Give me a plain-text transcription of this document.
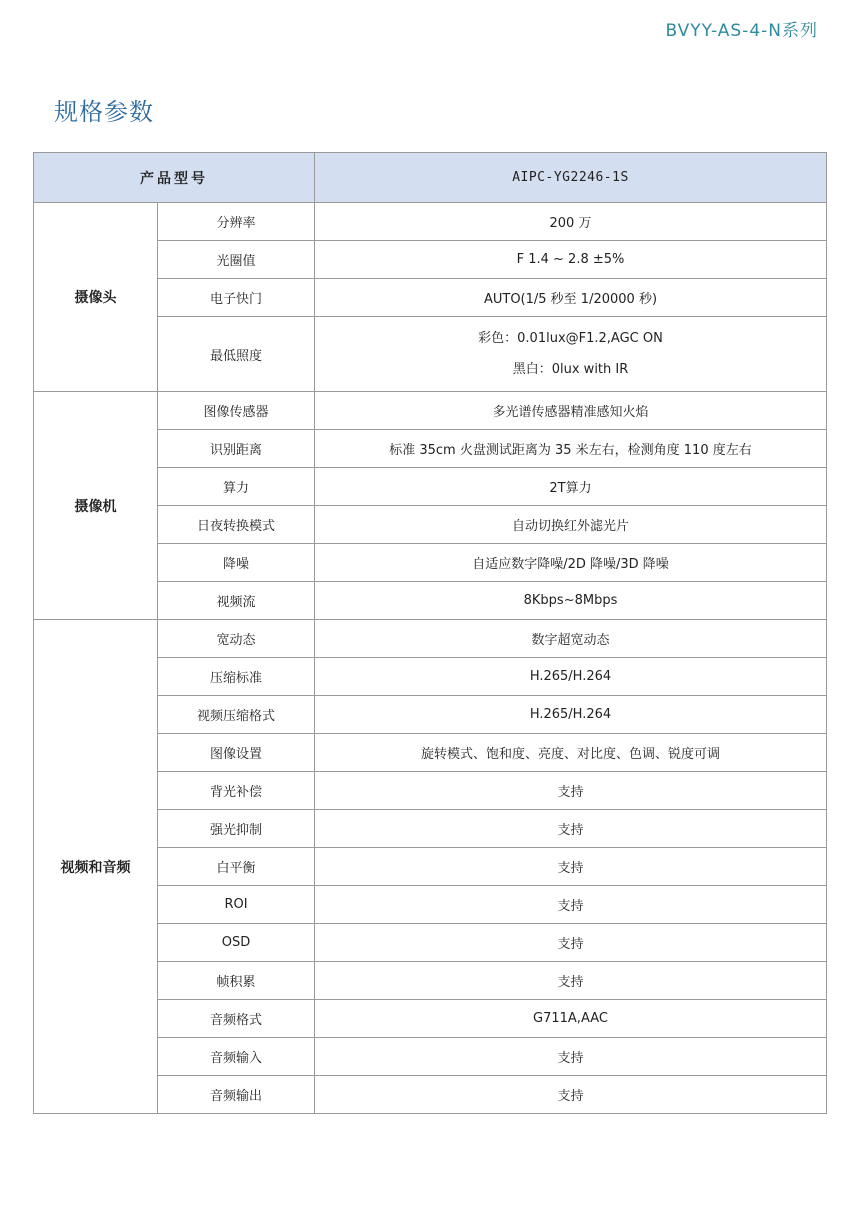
BVYY-AS-4-N系列
规格参数
产品型号		AIPC-YG2246-1S
摄像头	分辨率	200 万
	光圈值	F 1.4 ~ 2.8 ±5%
	电子快门	AUTO(1/5 秒至 1/20000 秒)
	最低照度	彩色：0.01lux@F1.2,AGC ON
黑白：0lux with IR

摄像机	图像传感器	多光谱传感器精准感知火焰
	识别距离	标准 35cm 火盘测试距离为 35 米左右，检测角度 110 度左右
	算力	2T算力
	日夜转换模式	自动切换红外滤光片
	降噪	自适应数字降噪/2D 降噪/3D 降噪
	视频流	8Kbps~8Mbps
视频和音频	宽动态	数字超宽动态
	压缩标准	H.265/H.264
	视频压缩格式	H.265/H.264
	图像设置	旋转模式、饱和度、亮度、对比度、色调、锐度可调
	背光补偿	支持
	强光抑制	支持
	白平衡	支持
	ROI	支持
	OSD	支持
	帧积累	支持
	音频格式	G711A,AAC
	音频输入	支持
	音频输出	支持
